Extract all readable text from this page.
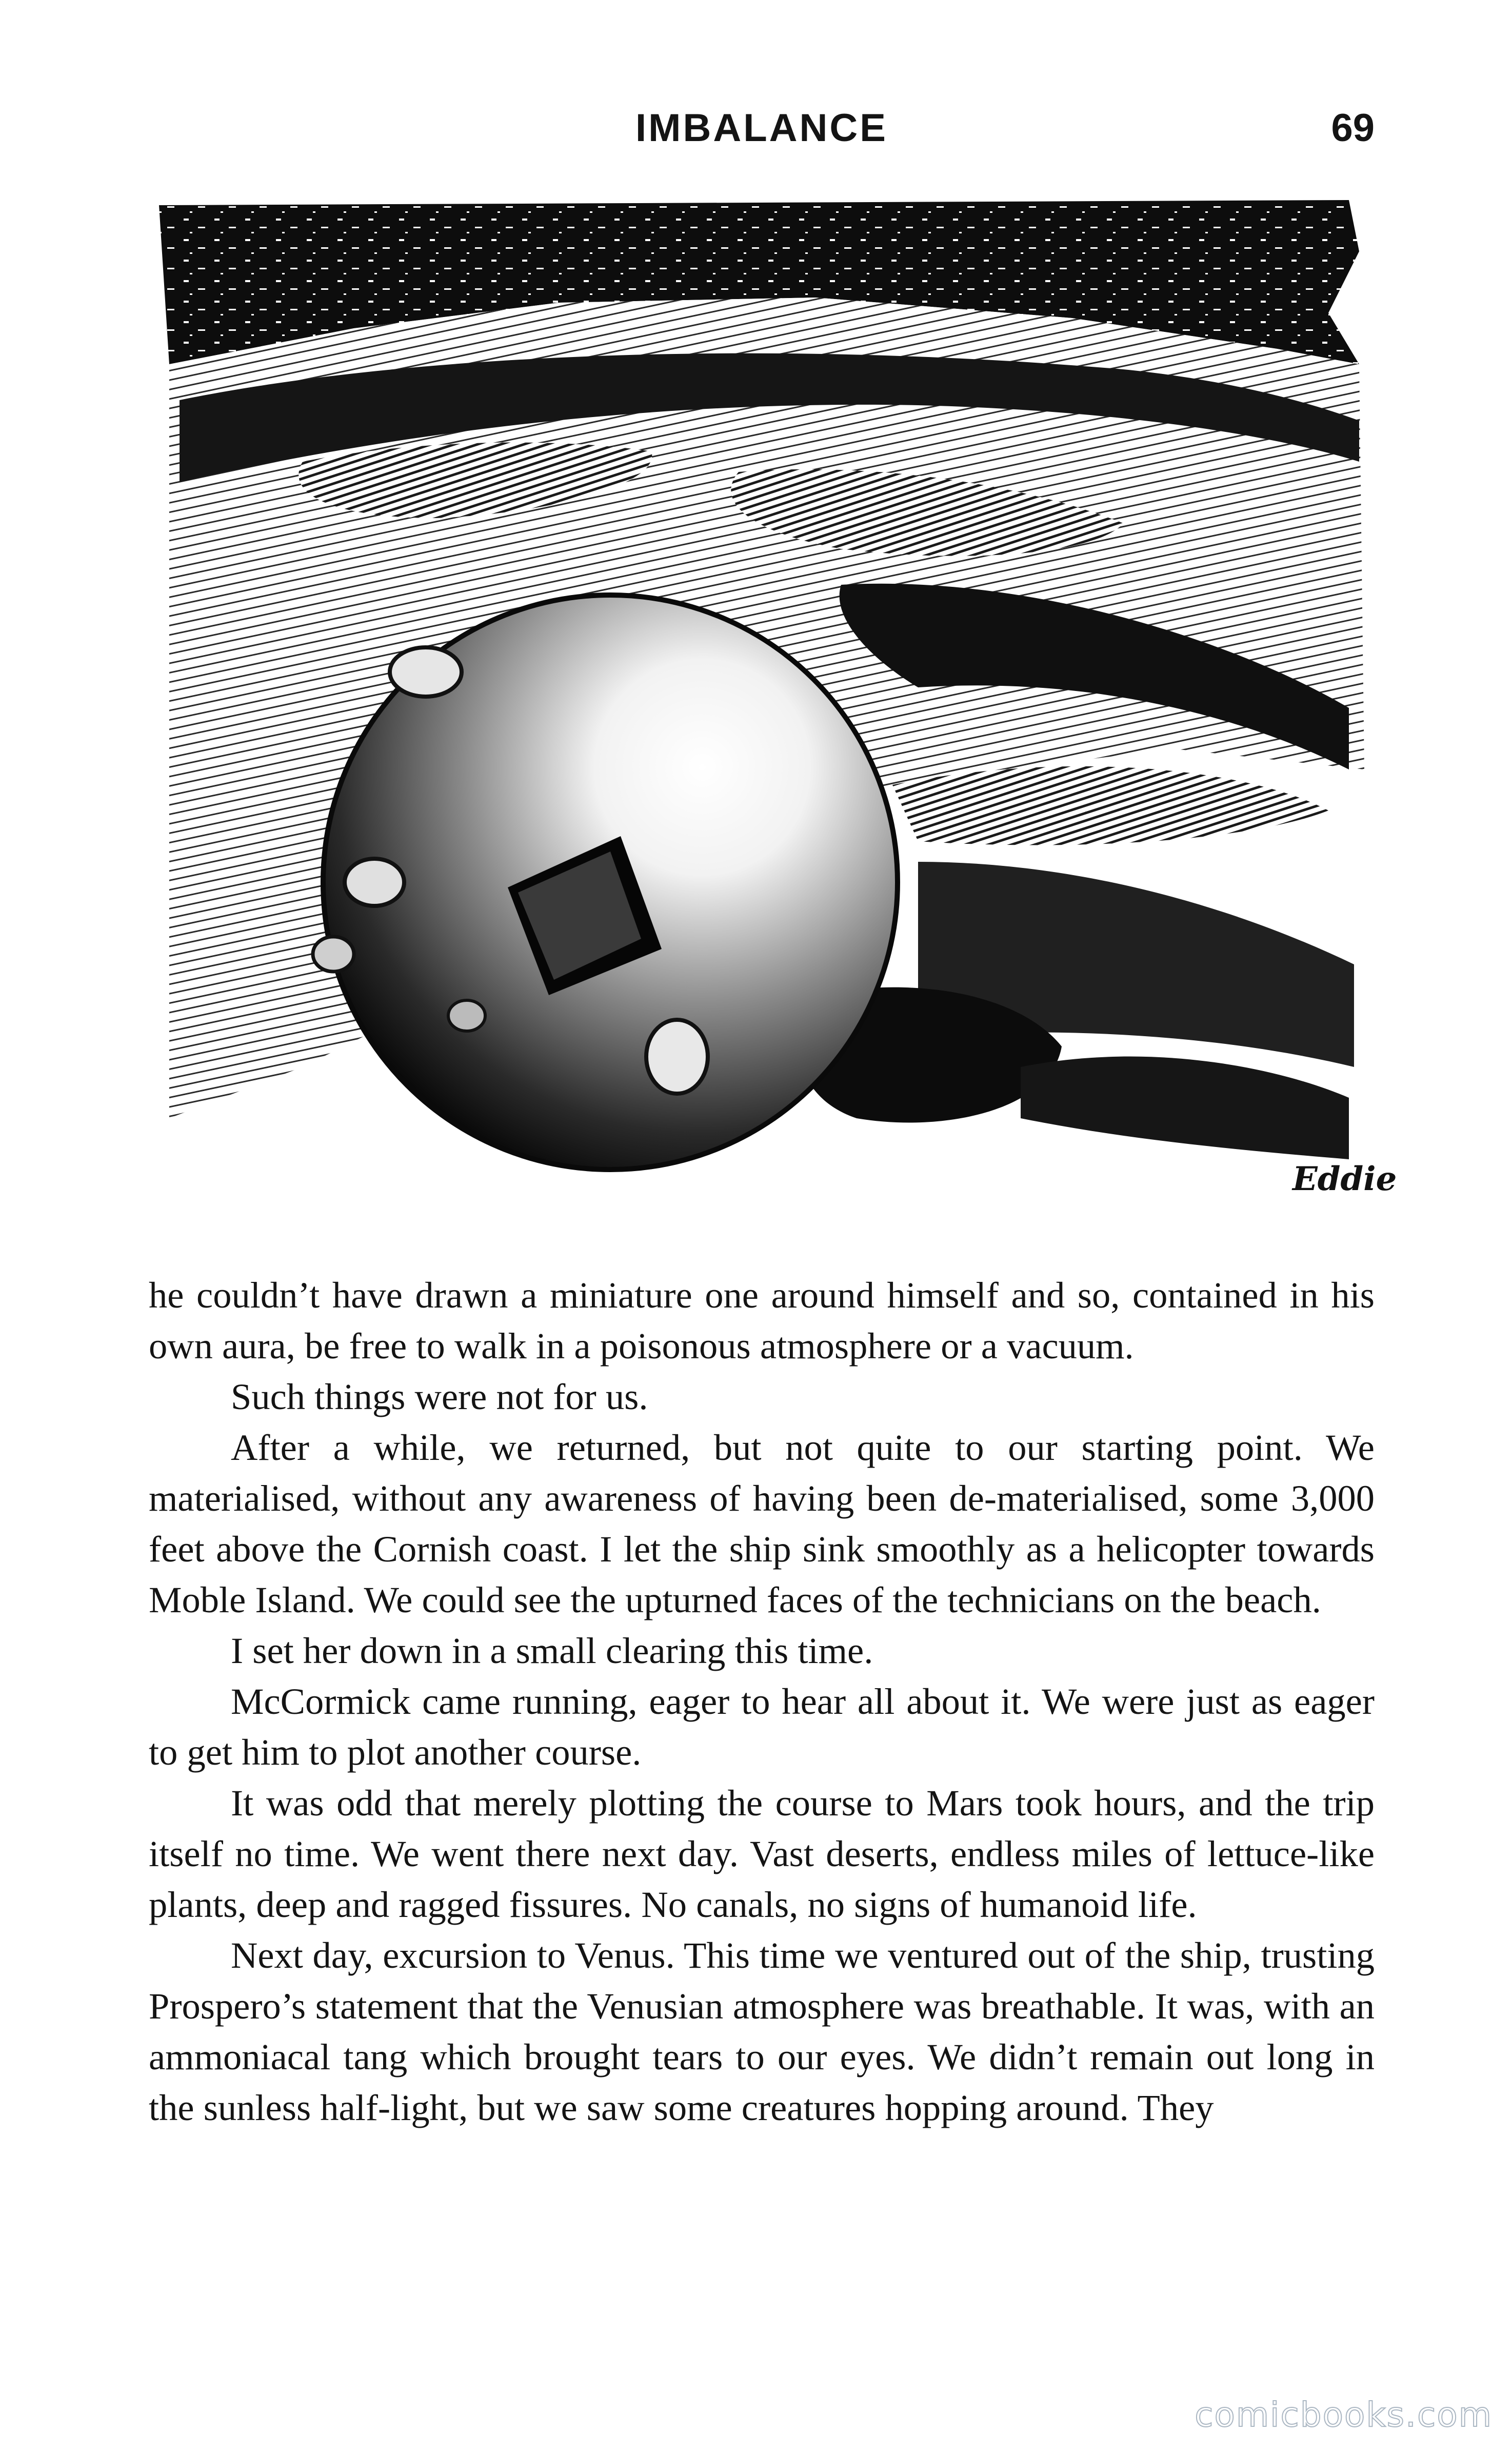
IMBALANCE	69
Eddie

he couldn’t have drawn a miniature one around himself and so, contained in his own aura, be free to walk in a poisonous atmosphere or a vacuum.

Such things were not for us.

After a while, we returned, but not quite to our starting point. We materialised, without any awareness of having been de-materialised, some 3,000 feet above the Cornish coast. I let the ship sink smoothly as a helicopter towards Moble Island. We could see the upturned faces of the technicians on the beach.

I set her down in a small clearing this time.

McCormick came running, eager to hear all about it. We were just as eager to get him to plot another course.

It was odd that merely plotting the course to Mars took hours, and the trip itself no time. We went there next day. Vast deserts, endless miles of lettuce-like plants, deep and ragged fissures. No canals, no signs of humanoid life.

Next day, excursion to Venus. This time we ventured out of the ship, trusting Prospero’s statement that the Venusian atmosphere was breathable. It was, with an ammoniacal tang which brought tears to our eyes. We didn’t remain out long in the sunless half-light, but we saw some creatures hopping around. They

comicbooks.com
